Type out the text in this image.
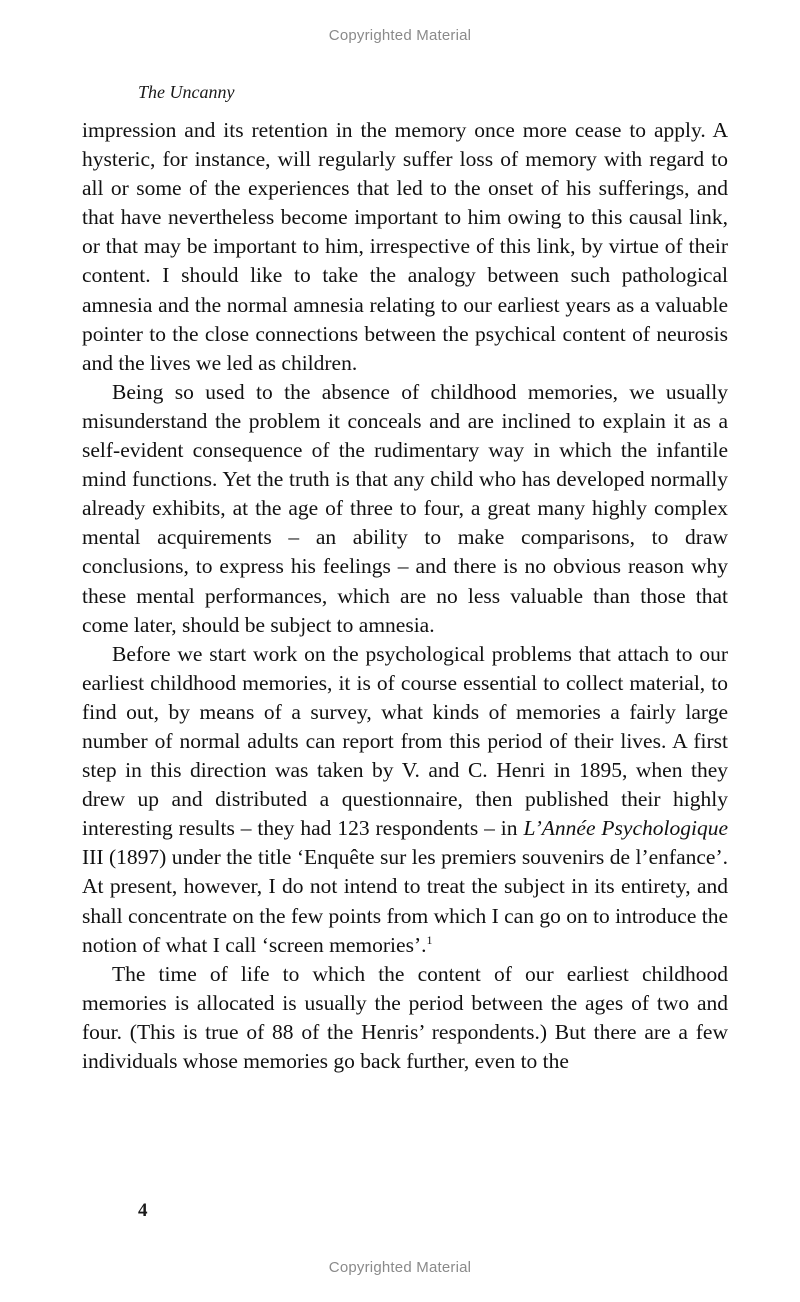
Copyrighted Material
The Uncanny

impression and its retention in the memory once more cease to apply. A hysteric, for instance, will regularly suffer loss of memory with regard to all or some of the experiences that led to the onset of his sufferings, and that have nevertheless become important to him owing to this causal link, or that may be important to him, irrespective of this link, by virtue of their content. I should like to take the analogy between such pathological amnesia and the normal amnesia relating to our earliest years as a valuable pointer to the close connections between the psychical content of neurosis and the lives we led as children.

Being so used to the absence of childhood memories, we usually misunderstand the problem it conceals and are inclined to explain it as a self-evident consequence of the rudimentary way in which the infantile mind functions. Yet the truth is that any child who has developed normally already exhibits, at the age of three to four, a great many highly complex mental acquirements – an ability to make comparisons, to draw conclusions, to express his feelings – and there is no obvious reason why these mental performances, which are no less valuable than those that come later, should be subject to amnesia.

Before we start work on the psychological problems that attach to our earliest childhood memories, it is of course essential to collect material, to find out, by means of a survey, what kinds of memories a fairly large number of normal adults can report from this period of their lives. A first step in this direction was taken by V. and C. Henri in 1895, when they drew up and distributed a questionnaire, then published their highly interesting results – they had 123 respondents – in L’Année Psychologique III (1897) under the title ‘Enquête sur les premiers souvenirs de l’enfance’. At present, however, I do not intend to treat the subject in its entirety, and shall concentrate on the few points from which I can go on to introduce the notion of what I call ‘screen memories’.$^1$

The time of life to which the content of our earliest childhood memories is allocated is usually the period between the ages of two and four. (This is true of 88 of the Henris’ respondents.) But there are a few individuals whose memories go back further, even to the

4
Copyrighted Material
